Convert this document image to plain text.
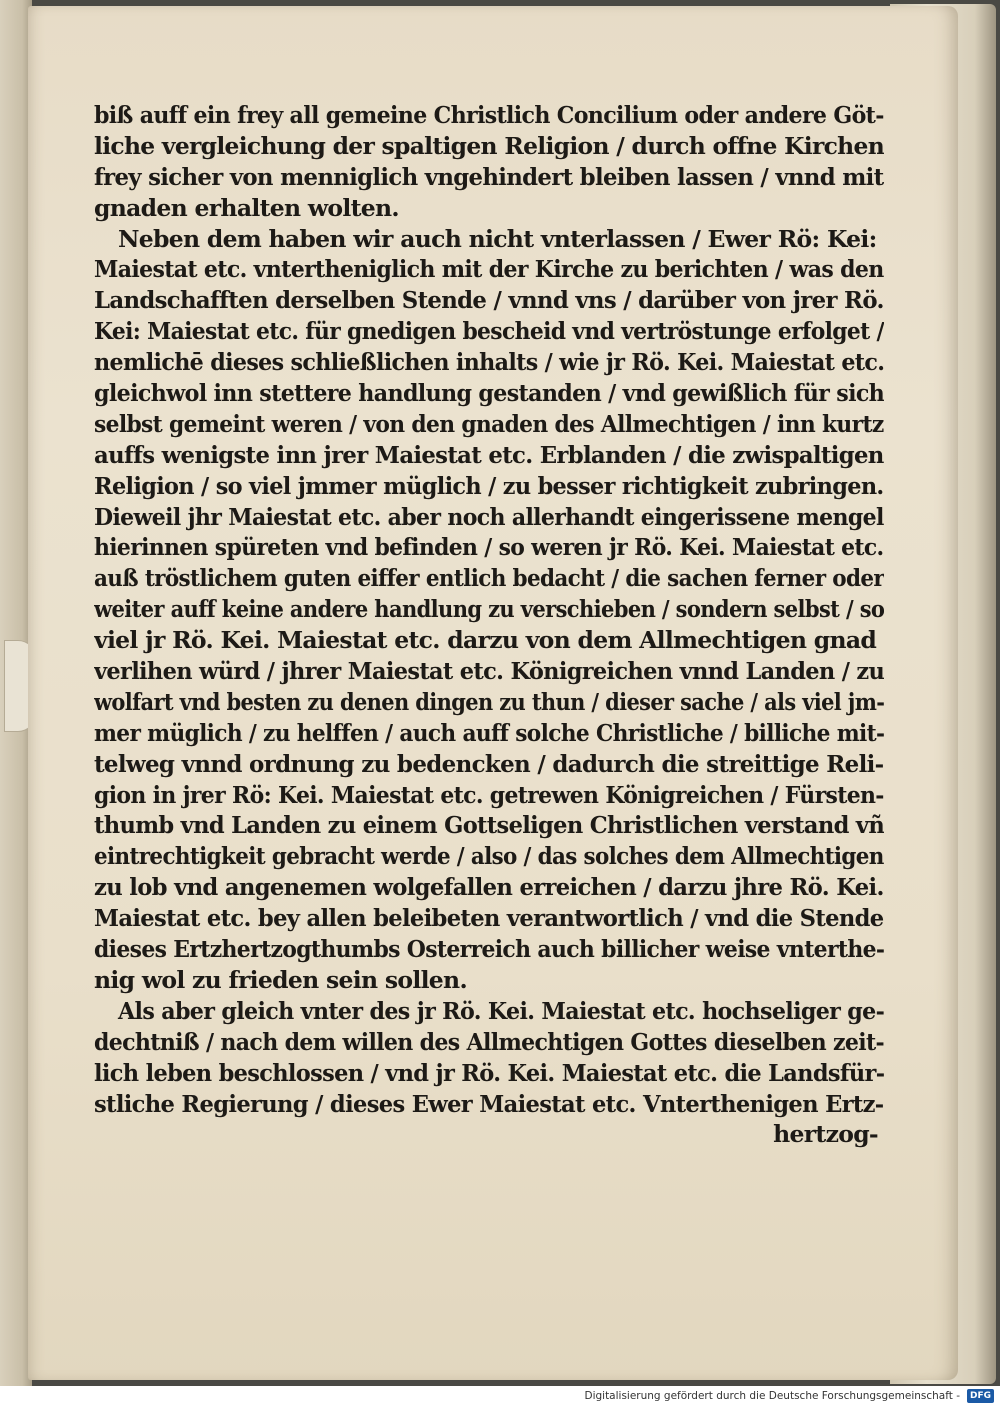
biß auff ein frey all gemeine Christlich Concilium oder andere Göt-
liche vergleichung der spaltigen Religion / durch offne Kirchen
frey sicher von menniglich vngehindert bleiben lassen / vnnd mit
gnaden erhalten wolten.
Neben dem haben wir auch nicht vnterlassen / Ewer Rö: Kei:
Maiestat etc. vntertheniglich mit der Kirche zu berichten / was den
Landschafften derselben Stende / vnnd vns / darüber von jrer Rö.
Kei: Maiestat etc. für gnedigen bescheid vnd vertröstunge erfolget /
nemlichē dieses schließlichen inhalts / wie jr Rö. Kei. Maiestat etc.
gleichwol inn stettere handlung gestanden / vnd gewißlich für sich
selbst gemeint weren / von den gnaden des Allmechtigen / inn kurtz
auffs wenigste inn jrer Maiestat etc. Erblanden / die zwispaltigen
Religion / so viel jmmer müglich / zu besser richtigkeit zubringen.
Dieweil jhr Maiestat etc. aber noch allerhandt eingerissene mengel
hierinnen spüreten vnd befinden / so weren jr Rö. Kei. Maiestat etc.
auß tröstlichem guten eiffer entlich bedacht / die sachen ferner oder
weiter auff keine andere handlung zu verschieben / sondern selbst / so
viel jr Rö. Kei. Maiestat etc. darzu von dem Allmechtigen gnad
verlihen würd / jhrer Maiestat etc. Königreichen vnnd Landen / zu
wolfart vnd besten zu denen dingen zu thun / dieser sache / als viel jm-
mer müglich / zu helffen / auch auff solche Christliche / billiche mit-
telweg vnnd ordnung zu bedencken / dadurch die streittige Reli-
gion in jrer Rö: Kei. Maiestat etc. getrewen Königreichen / Fürsten-
thumb vnd Landen zu einem Gottseligen Christlichen verstand vñ
eintrechtigkeit gebracht werde / also / das solches dem Allmechtigen
zu lob vnd angenemen wolgefallen erreichen / darzu jhre Rö. Kei.
Maiestat etc. bey allen beleibeten verantwortlich / vnd die Stende
dieses Ertzhertzogthumbs Osterreich auch billicher weise vnterthe-
nig wol zu frieden sein sollen.
Als aber gleich vnter des jr Rö. Kei. Maiestat etc. hochseliger ge-
dechtniß / nach dem willen des Allmechtigen Gottes dieselben zeit-
lich leben beschlossen / vnd jr Rö. Kei. Maiestat etc. die Landsfür-
stliche Regierung / dieses Ewer Maiestat etc. Vnterthenigen Ertz-
hertzog-
Digitalisierung gefördert durch die Deutsche Forschungsgemeinschaft -	DFG
